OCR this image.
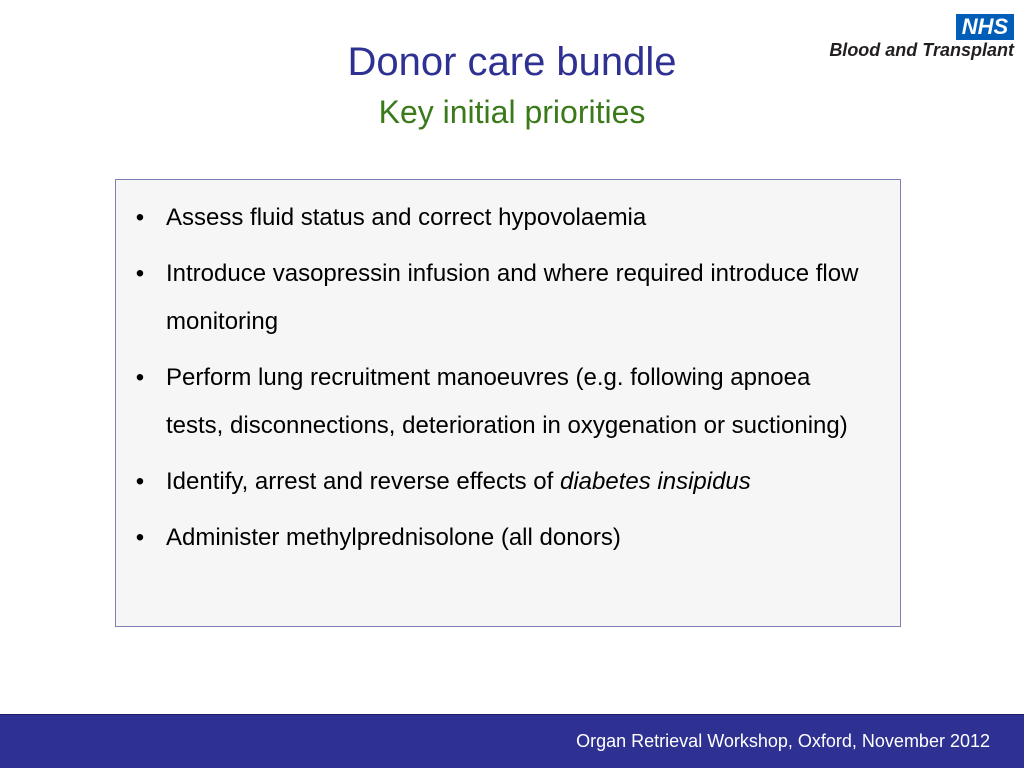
NHS
Blood and Transplant
Donor care bundle
Key initial priorities
• Assess fluid status and correct hypovolaemia
• Introduce vasopressin infusion and where required introduce flow monitoring
• Perform lung recruitment manoeuvres (e.g. following apnoea tests, disconnections, deterioration in oxygenation or suctioning)
• Identify, arrest and reverse effects of diabetes insipidus
• Administer methylprednisolone (all donors)
Organ Retrieval Workshop, Oxford, November 2012
